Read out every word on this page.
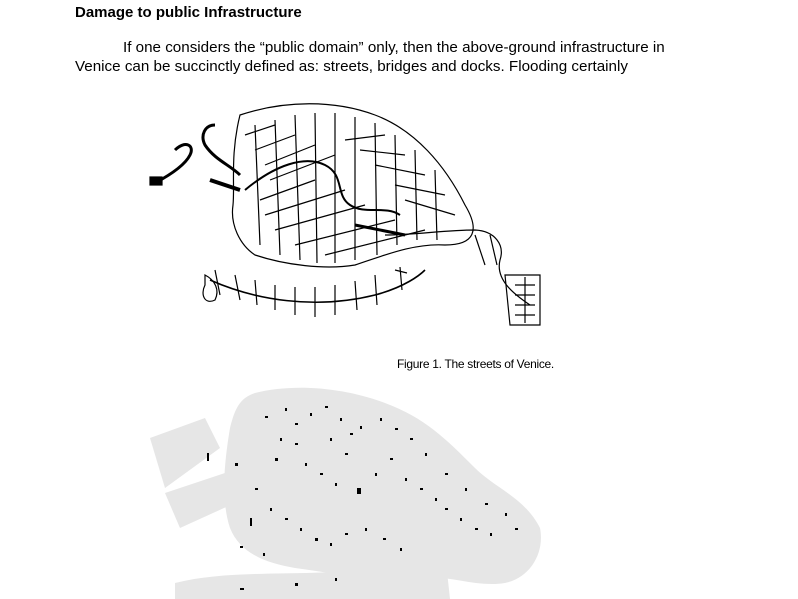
Damage to public Infrastructure

If one considers the “public domain” only, then the above-ground infrastructure in
Venice can be succinctly defined as: streets, bridges and docks. Flooding certainly

Figure 1. The streets of Venice.
